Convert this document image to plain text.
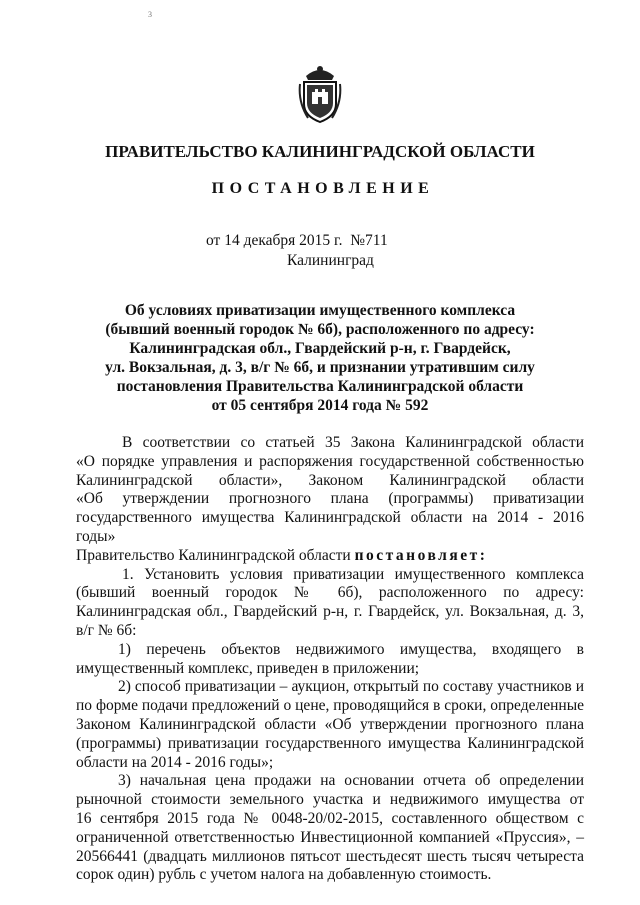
3
ПРАВИТЕЛЬСТВО КАЛИНИНГРАДСКОЙ ОБЛАСТИ
ПОСТАНОВЛЕНИЕ
от 14 декабря 2015 г.  №711
Калининград
Об условиях приватизации имущественного комплекса
(бывший военный городок № 6б), расположенного по адресу:
Калининградская обл., Гвардейский р-н, г. Гвардейск,
ул. Вокзальная, д. 3, в/г № 6б, и признании утратившим силу
постановления Правительства Калининградской области
от 05 сентября 2014 года № 592

В соответствии со статьей 35 Закона Калининградской области

«О порядке управления и распоряжения государственной собственностью

Калининградской области», Законом Калининградской области

«Об утверждении прогнозного плана (программы) приватизации

государственного имущества Калининградской области на 2014 - 2016 годы»

Правительство Калининградской области постановляет:

1. Установить условия приватизации имущественного комплекса

(бывший военный городок № 6б), расположенного по адресу:

Калининградская обл., Гвардейский р-н, г. Гвардейск, ул. Вокзальная, д. 3,

в/г № 6б:

1) перечень объектов недвижимого имущества, входящего в

имущественный комплекс, приведен в приложении;

2) способ приватизации – аукцион, открытый по составу участников и

по форме подачи предложений о цене, проводящийся в сроки, определенные

Законом Калининградской области «Об утверждении прогнозного плана

(программы) приватизации государственного имущества Калининградской

области на 2014 - 2016 годы»;

3) начальная цена продажи на основании отчета об определении

рыночной стоимости земельного участка и недвижимого имущества от

16 сентября 2015 года № 0048-20/02-2015, составленного обществом с

ограниченной ответственностью Инвестиционной компанией «Пруссия», –

20566441 (двадцать миллионов пятьсот шестьдесят шесть тысяч четыреста

сорок один) рубль с учетом налога на добавленную стоимость.
